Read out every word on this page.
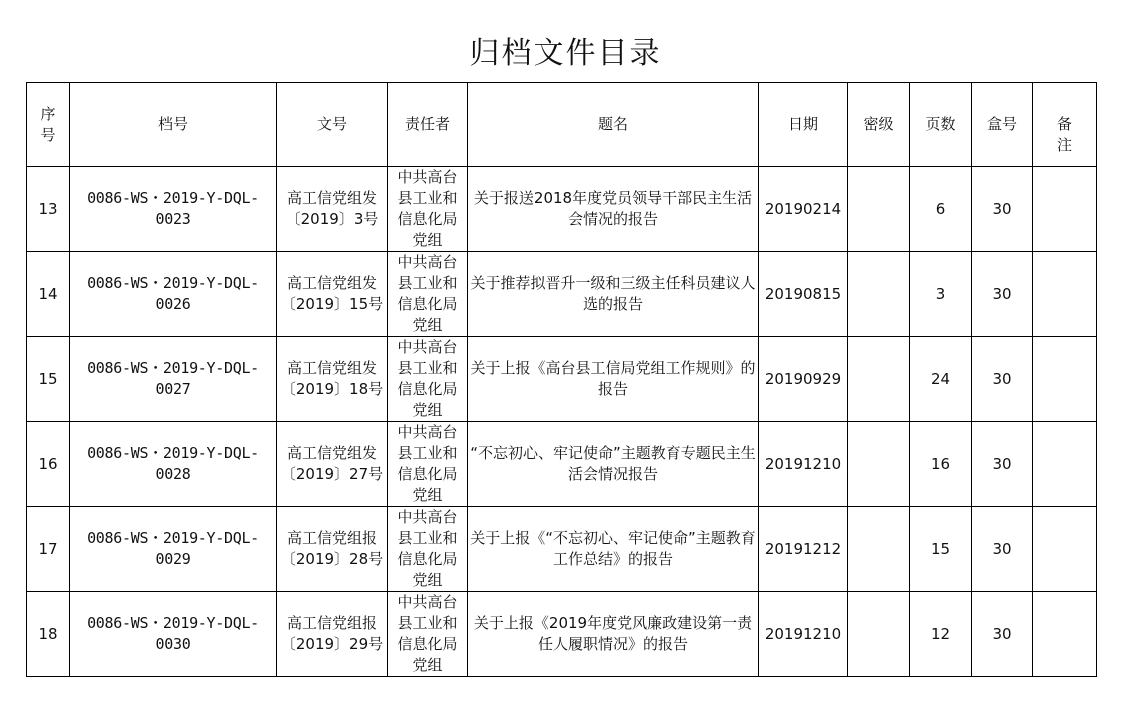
归档文件目录
序号	档号	文号	责任者	题名	日期	密级	页数	盒号	备注

13	0086-WS・2019-Y-DQL-0023	高工信党组发〔2019〕3号	中共高台县工业和信息化局党组	关于报送2018年度党员领导干部民主生活会情况的报告	20190214		6	30	
14	0086-WS・2019-Y-DQL-0026	高工信党组发〔2019〕15号	中共高台县工业和信息化局党组	关于推荐拟晋升一级和三级主任科员建议人选的报告	20190815		3	30	
15	0086-WS・2019-Y-DQL-0027	高工信党组发〔2019〕18号	中共高台县工业和信息化局党组	关于上报《高台县工信局党组工作规则》的报告	20190929		24	30	
16	0086-WS・2019-Y-DQL-0028	高工信党组发〔2019〕27号	中共高台县工业和信息化局党组	“不忘初心、牢记使命”主题教育专题民主生活会情况报告	20191210		16	30	
17	0086-WS・2019-Y-DQL-0029	高工信党组报〔2019〕28号	中共高台县工业和信息化局党组	关于上报《“不忘初心、牢记使命”主题教育工作总结》的报告	20191212		15	30	
18	0086-WS・2019-Y-DQL-0030	高工信党组报〔2019〕29号	中共高台县工业和信息化局党组	关于上报《2019年度党风廉政建设第一责任人履职情况》的报告	20191210		12	30	
